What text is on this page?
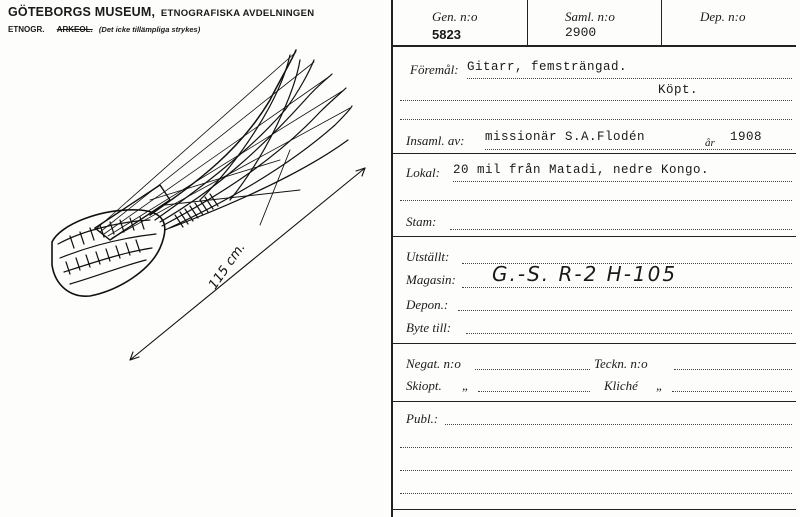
GÖTEBORGS MUSEUM, ETNOGRAFISKA AVDELNINGEN
ETNOGR. ARKEOL. (Det icke tillämpliga strykes)
115 cm.
Gen. n:o
5823
Saml. n:o
2900
Dep. n:o
Föremål: Gitarr, femsträngad.
Köpt.
Insaml. av: missionär S.A.Flodén	år 1908
Lokal: 20 mil från Matadi, nedre Kongo.
Stam:
Utställt:
Magasin: G.-S. R-2 H-105
Depon.:
Byte till:
Negat. n:o	Teckn. n:o
Skiopt. „	Kliché „
Publ.:
